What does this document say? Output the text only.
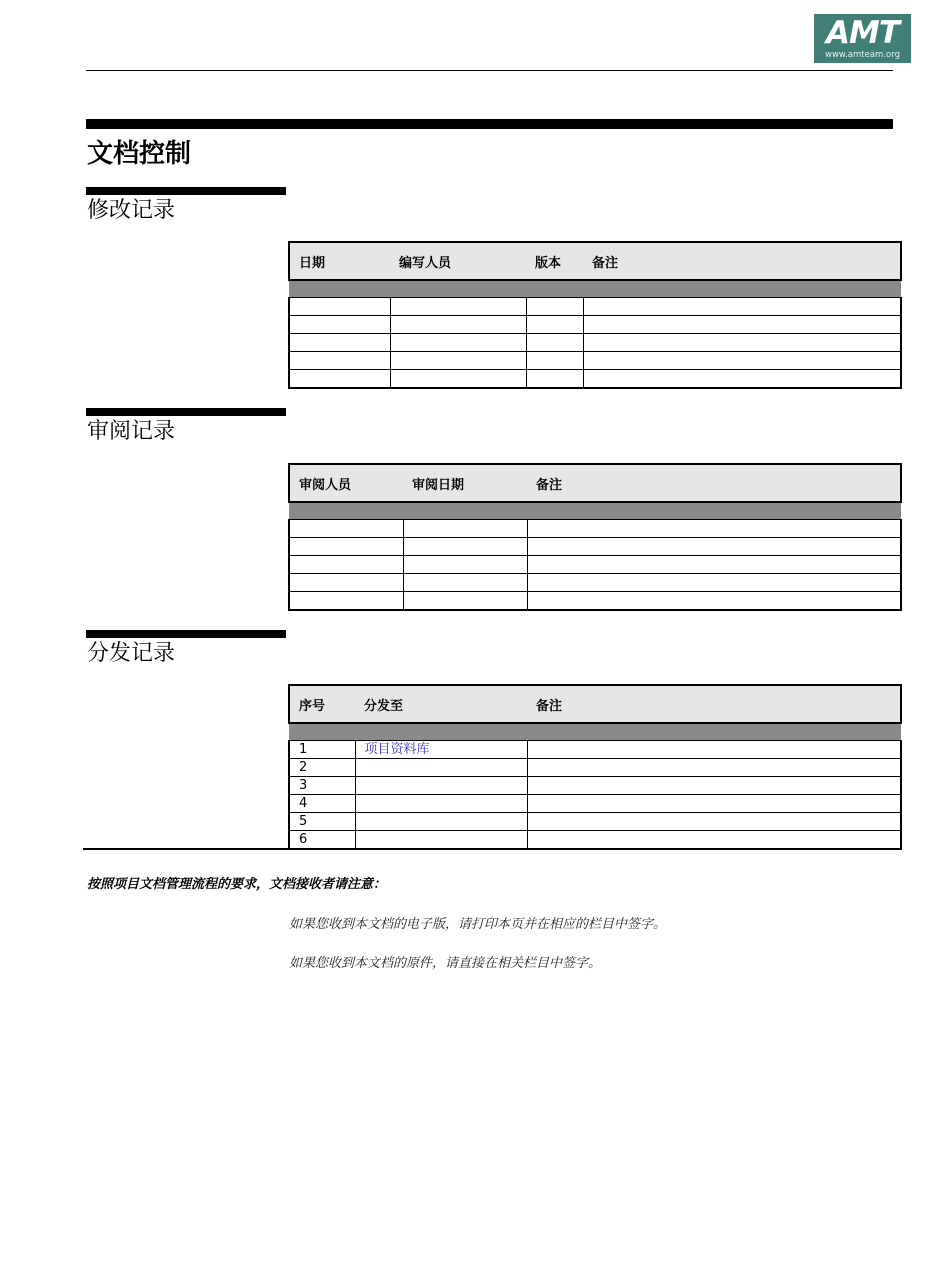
AMT
www.amteam.org
文档控制
修改记录
日期	编写人员	版本	备注

审阅记录
审阅人员	审阅日期	备注

分发记录
序号	分发至	备注

1	项目资料库	
2		
3		
4		
5		
6		
按照项目文档管理流程的要求，文档接收者请注意：
如果您收到本文档的电子版，请打印本页并在相应的栏目中签字。
如果您收到本文档的原件，请直接在相关栏目中签字。
